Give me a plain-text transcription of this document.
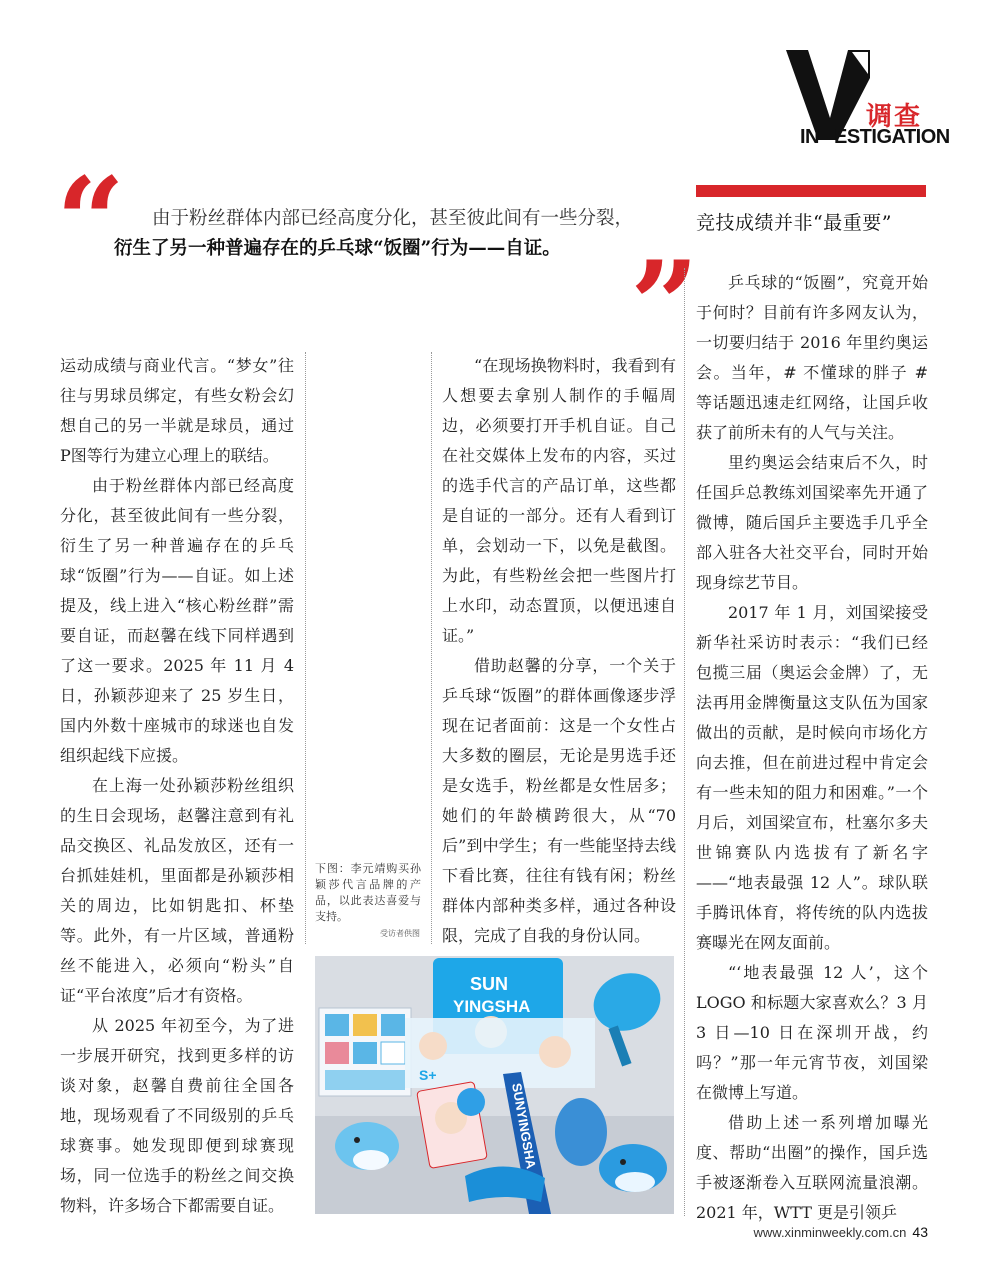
调查
IN ESTIGATION
“	由于粉丝群体内部已经高度分化，甚至彼此间有一些分裂，衍生了另一种普遍存在的乒乓球“饭圈”行为——自证。 ”
竞技成绩并非“最重要”

运动成绩与商业代言。“梦女”往往与男球员绑定，有些女粉会幻想自己的另一半就是球员，通过P图等行为建立心理上的联结。

由于粉丝群体内部已经高度分化，甚至彼此间有一些分裂，衍生了另一种普遍存在的乒乓球“饭圈”行为——自证。如上述提及，线上进入“核心粉丝群”需要自证，而赵馨在线下同样遇到了这一要求。2025 年 11 月 4 日，孙颖莎迎来了 25 岁生日，国内外数十座城市的球迷也自发组织起线下应援。

在上海一处孙颖莎粉丝组织的生日会现场，赵馨注意到有礼品交换区、礼品发放区，还有一台抓娃娃机，里面都是孙颖莎相关的周边，比如钥匙扣、杯垫等。此外，有一片区域，普通粉丝不能进入，必须向“粉头”自证“平台浓度”后才有资格。

从 2025 年初至今，为了进一步展开研究，找到更多样的访谈对象，赵馨自费前往全国各地，现场观看了不同级别的乒乓球赛事。她发现即便到球赛现场，同一位选手的粉丝之间交换物料，许多场合下都需要自证。

下图：李元靖购买孙颖莎代言品牌的产品，以此表达喜爱与支持。
受访者供图

“在现场换物料时，我看到有人想要去拿别人制作的手幅周边，必须要打开手机自证。自己在社交媒体上发布的内容，买过的选手代言的产品订单，这些都是自证的一部分。还有人看到订单，会划动一下，以免是截图。为此，有些粉丝会把一些图片打上水印，动态置顶，以便迅速自证。”

借助赵馨的分享，一个关于乒乓球“饭圈”的群体画像逐步浮现在记者面前：这是一个女性占大多数的圈层，无论是男选手还是女选手，粉丝都是女性居多；她们的年龄横跨很大，从“70 后”到中学生；有一些能坚持去线下看比赛，往往有钱有闲；粉丝群体内部种类多样，通过各种设限，完成了自我的身份认同。

乒乓球的“饭圈”，究竟开始于何时？目前有许多网友认为，一切要归结于 2016 年里约奥运会。当年，# 不懂球的胖子 # 等话题迅速走红网络，让国乒收获了前所未有的人气与关注。

里约奥运会结束后不久，时任国乒总教练刘国梁率先开通了微博，随后国乒主要选手几乎全部入驻各大社交平台，同时开始现身综艺节目。

2017 年 1 月，刘国梁接受新华社采访时表示：“我们已经包揽三届（奥运会金牌）了，无法再用金牌衡量这支队伍为国家做出的贡献，是时候向市场化方向去推，但在前进过程中肯定会有一些未知的阻力和困难。”一个月后，刘国梁宣布，杜塞尔多夫世锦赛队内选拔有了新名字——“地表最强 12 人”。球队联手腾讯体育，将传统的队内选拔赛曝光在网友面前。

“‘地表最强 12 人’，这个 LOGO 和标题大家喜欢么？3 月 3 日—10 日在深圳开战，约吗？”那一年元宵节夜，刘国梁在微博上写道。

借助上述一系列增加曝光度、帮助“出圈”的操作，国乒选手被逐渐卷入互联网流量浪潮。2021 年，WTT 更是引领乒

SUN
YINGSHA
S+
SUNYINGSHA
www.xinminweekly.com.cn 43
